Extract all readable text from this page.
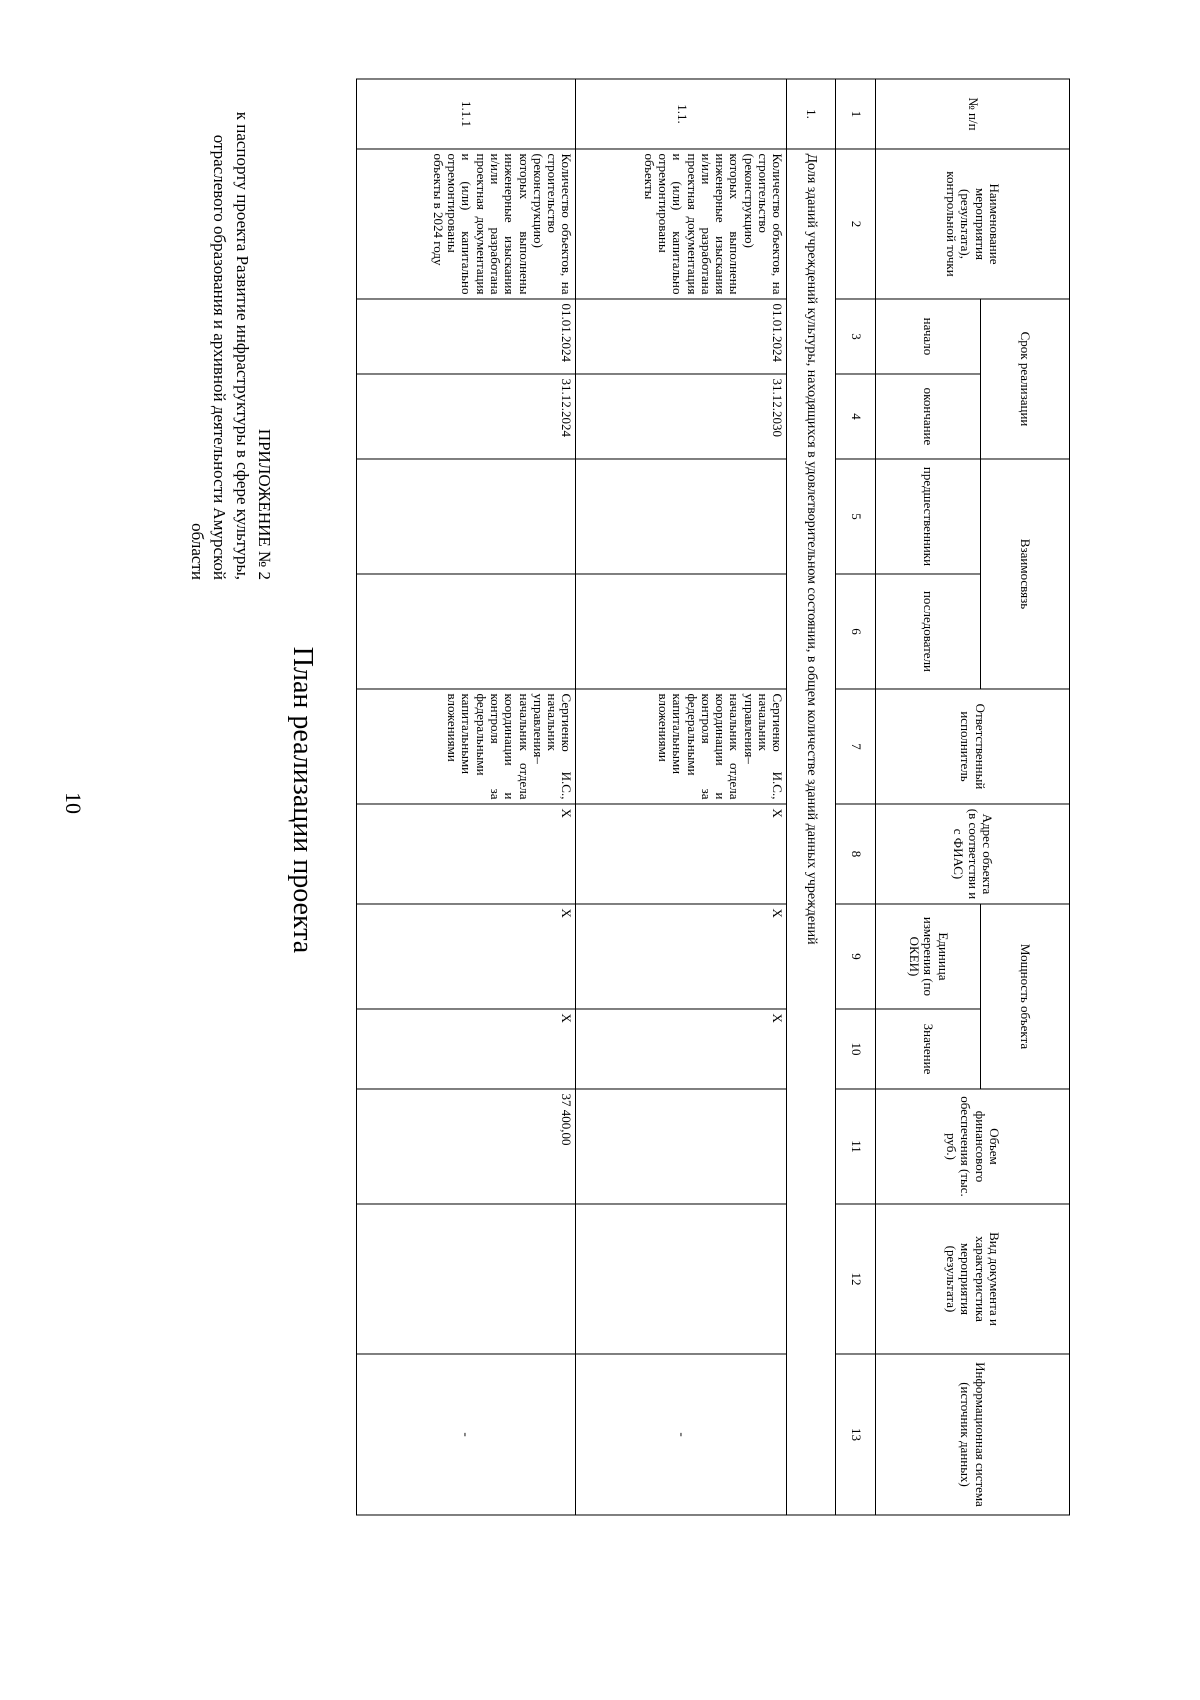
10	План реализации проекта
ПРИЛОЖЕНИЕ № 2
к паспорту проекта Развитие инфраструктуры в сфере культуры,
отраслевого образования и архивной деятельности Амурской
области
№ п/п	Наименование мероприятия (результата), контрольной точки	Срок реализации		Взаимосвязь		Ответственный исполнитель	Адрес объекта (в соответстви и с ФИАС)	Мощность объекта		Объем финансового обеспечения (тыс. руб.)	Вид документа и характеристика мероприятия (результата)	Информационная система (источник данных)
		начало	окончание	предшественники	последователи			Единица измерения (по ОКЕИ)	Значение			
1	2	3	4	5	6	7	8	9	10	11	12	13
1.	Доля зданий учреждений культуры, находящихся в удовлетворительном состоянии, в общем количестве зданий данных учреждений											
1.1.	Количество объектов, на строительство (реконструкцию) которых выполнены инженерные изыскания и/или разработана проектная документация и (или) капитально отремонтированы объекты	01.01.2024	31.12.2030			Сергиенко И.С., начальник управления– начальник отдела координации и контроля за федеральными капитальными вложениями	X	X	X			-
1.1.1	Количество объектов, на строительство (реконструкцию) которых выполнены инженерные изыскания и/или разработана проектная документация и (или) капитально отремонтированы объекты в 2024 году	01.01.2024	31.12.2024			Сергиенко И.С., начальник управления– начальник отдела координации и контроля за федеральными капитальными вложениями	X	X	X	37 400,00		-
